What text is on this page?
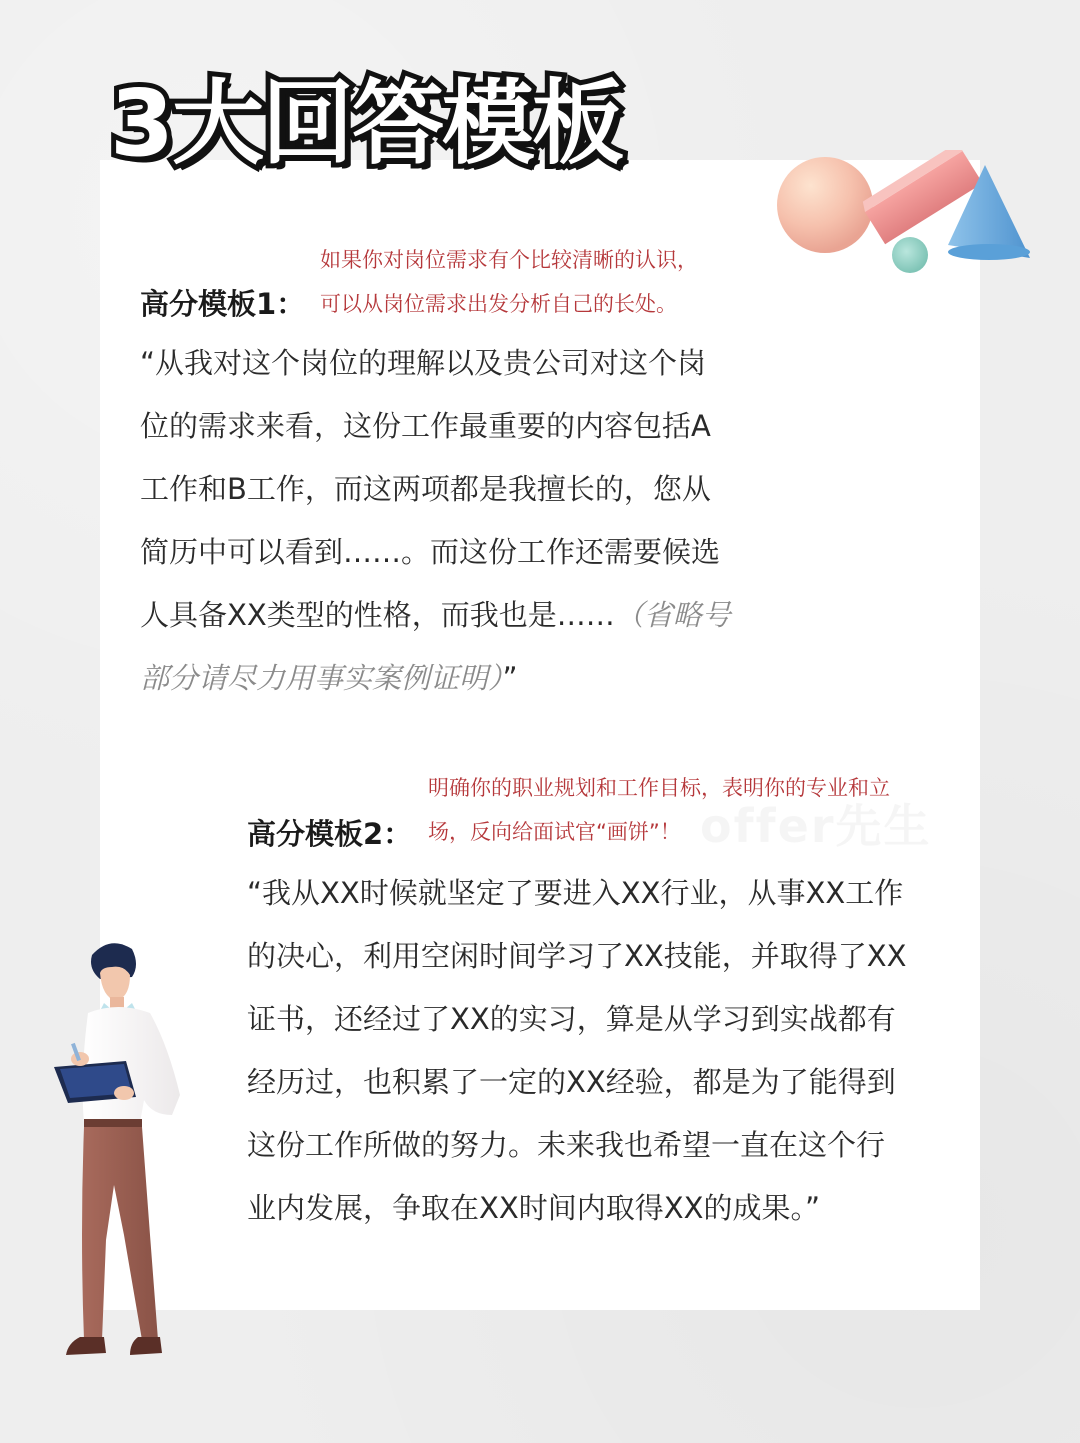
3大回答模板
如果你对岗位需求有个比较清晰的认识，
可以从岗位需求出发分析自己的长处。
高分模板1：

“从我对这个岗位的理解以及贵公司对这个岗

位的需求来看，这份工作最重要的内容包括A

工作和B工作，而这两项都是我擅长的，您从

简历中可以看到……。而这份工作还需要候选

人具备XX类型的性格，而我也是……（省略号

部分请尽力用事实案例证明）”

明确你的职业规划和工作目标，表明你的专业和立
场，反向给面试官“画饼”！
高分模板2：

“我从XX时候就坚定了要进入XX行业，从事XX工作

的决心，利用空闲时间学习了XX技能，并取得了XX

证书，还经过了XX的实习，算是从学习到实战都有

经历过，也积累了一定的XX经验，都是为了能得到

这份工作所做的努力。未来我也希望一直在这个行

业内发展，争取在XX时间内取得XX的成果。”
